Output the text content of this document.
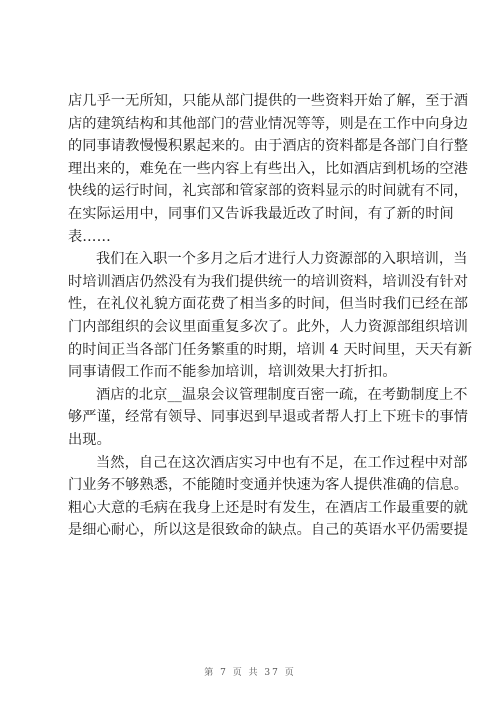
店几乎一无所知，只能从部门提供的一些资料开始了解，至于酒
店的建筑结构和其他部门的营业情况等等，则是在工作中向身边
的同事请教慢慢积累起来的。由于酒店的资料都是各部门自行整
理出来的，难免在一些内容上有些出入，比如酒店到机场的空港
快线的运行时间，礼宾部和管家部的资料显示的时间就有不同，
在实际运用中，同事们又告诉我最近改了时间，有了新的时间
表……
我们在入职一个多月之后才进行人力资源部的入职培训，当
时培训酒店仍然没有为我们提供统一的培训资料，培训没有针对
性，在礼仪礼貌方面花费了相当多的时间，但当时我们已经在部
门内部组织的会议里面重复多次了。此外，人力资源部组织培训
的时间正当各部门任务繁重的时期，培训 4 天时间里，天天有新
同事请假工作而不能参加培训，培训效果大打折扣。
酒店的北京__温泉会议管理制度百密一疏，在考勤制度上不
够严谨，经常有领导、同事迟到早退或者帮人打上下班卡的事情
出现。
当然，自己在这次酒店实习中也有不足，在工作过程中对部
门业务不够熟悉，不能随时变通并快速为客人提供准确的信息。
粗心大意的毛病在我身上还是时有发生，在酒店工作最重要的就
是细心耐心，所以这是很致命的缺点。自己的英语水平仍需要提
第 7 页 共 37 页
